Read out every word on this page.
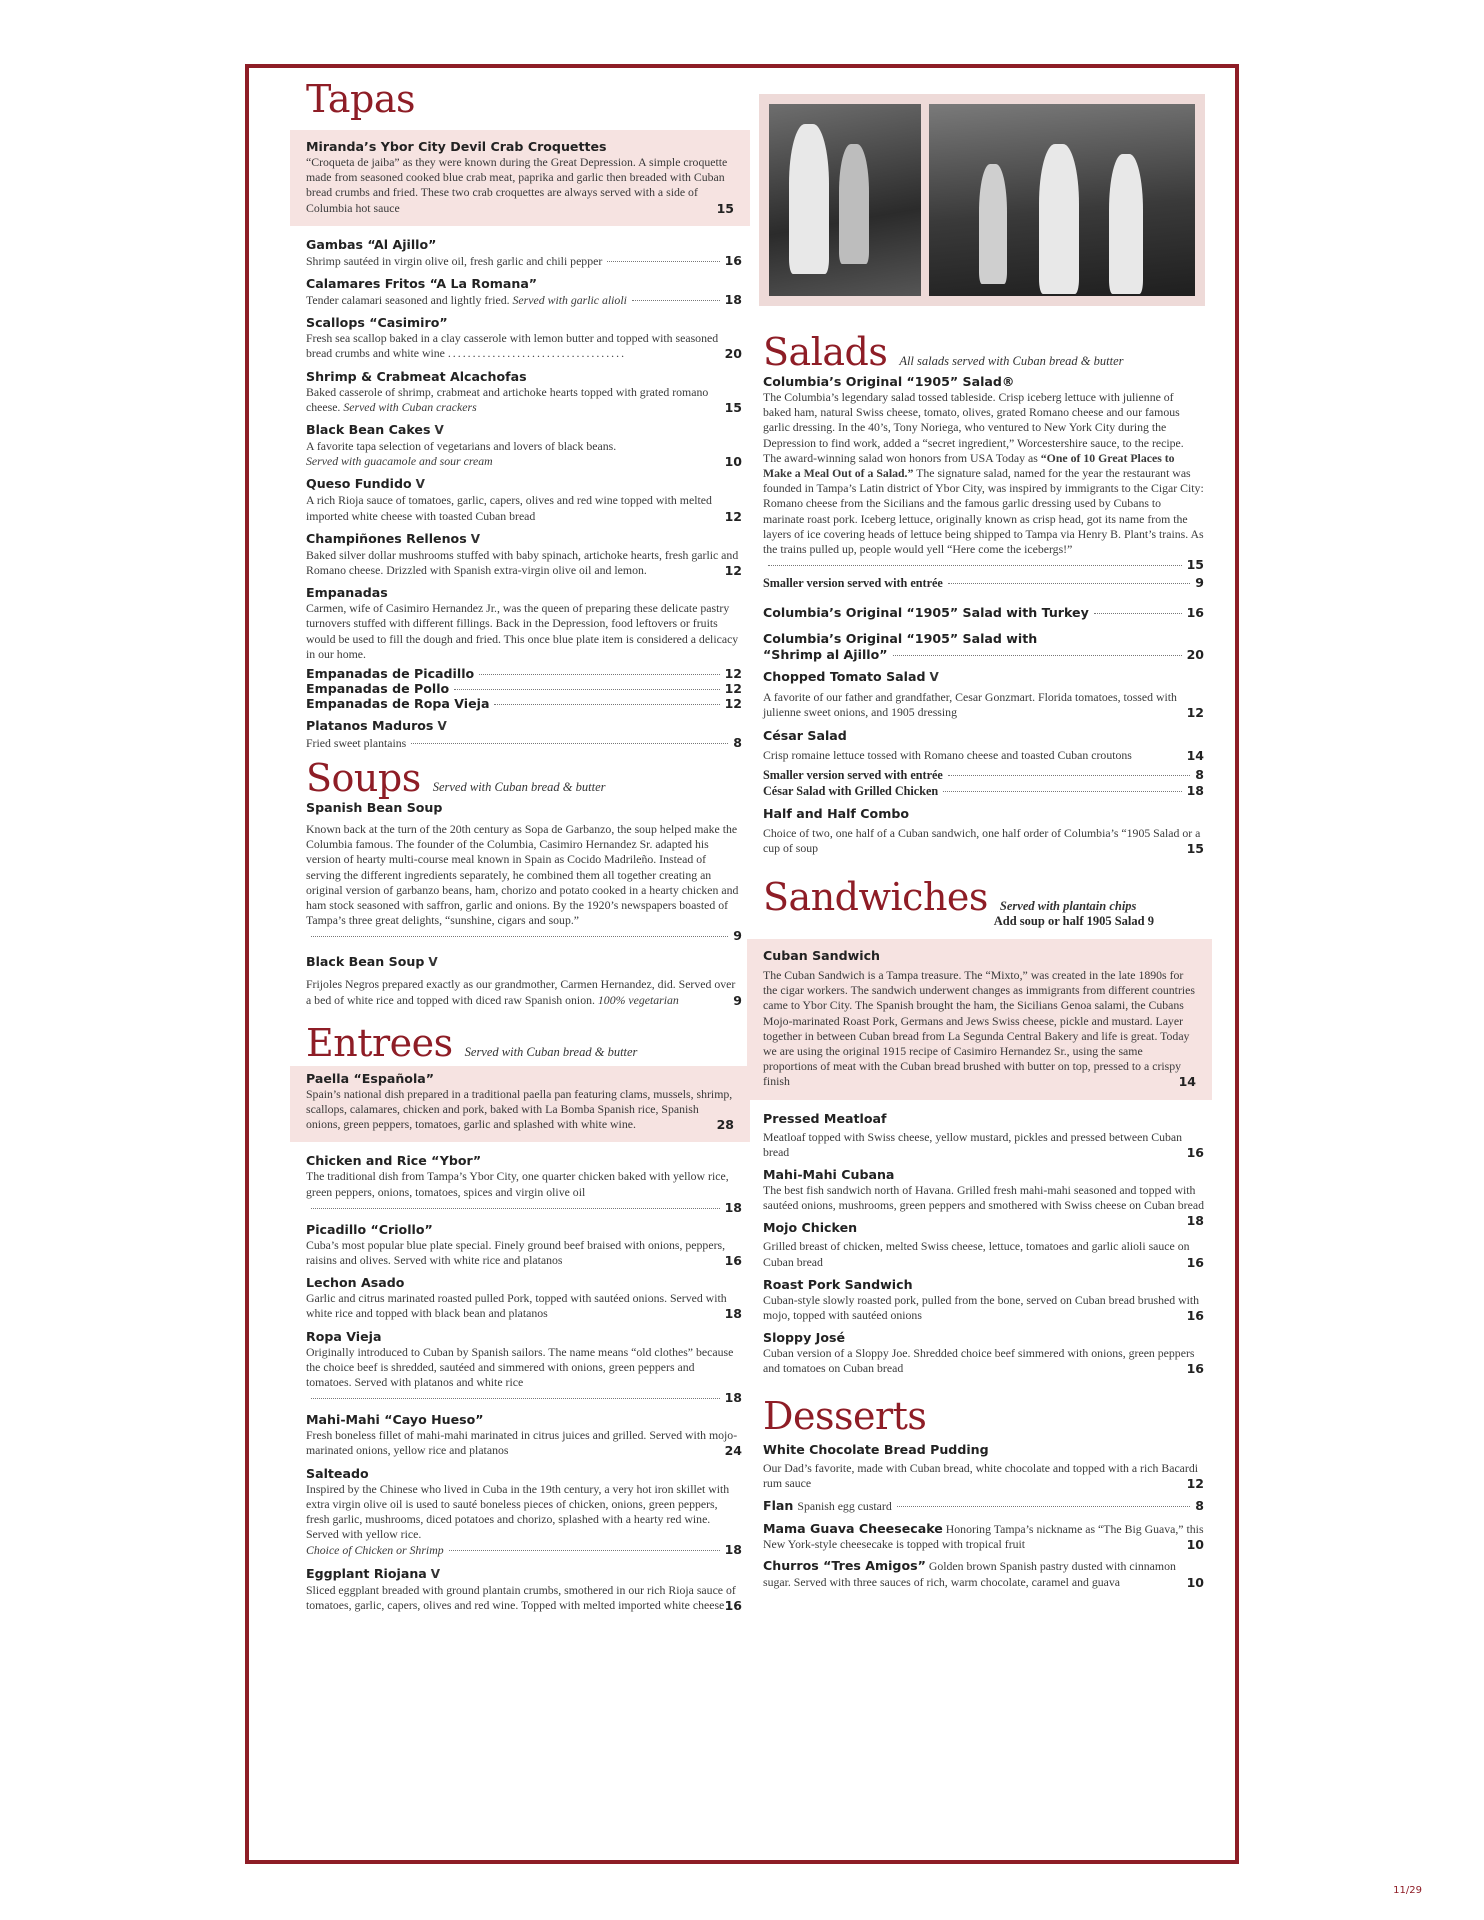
Tapas
Miranda’s Ybor City Devil Crab Croquettes
“Croqueta de jaiba” as they were known during the Great Depression. A simple croquette made from seasoned cooked blue crab meat, paprika and garlic then breaded with Cuban bread crumbs and fried. These two crab croquettes are always served with a side of Columbia hot sauce	15
Gambas “Al Ajillo”
Shrimp sautéed in virgin olive oil, fresh garlic and chili pepper	16
Calamares Fritos “A La Romana”
Tender calamari seasoned and lightly fried. Served with garlic alioli	18
Scallops “Casimiro”
Fresh sea scallop baked in a clay casserole with lemon butter and topped with seasoned bread crumbs and white wine ....................................	20
Shrimp & Crabmeat Alcachofas
Baked casserole of shrimp, crabmeat and artichoke hearts topped with grated romano cheese. Served with Cuban crackers	15
Black Bean Cakes V
A favorite tapa selection of vegetarians and lovers of black beans.
Served with guacamole and sour cream	10
Queso Fundido V
A rich Rioja sauce of tomatoes, garlic, capers, olives and red wine topped with melted imported white cheese with toasted Cuban bread	12
Champiñones Rellenos V
Baked silver dollar mushrooms stuffed with baby spinach, artichoke hearts, fresh garlic and Romano cheese. Drizzled with Spanish extra-virgin olive oil and lemon.	12
Empanadas
Carmen, wife of Casimiro Hernandez Jr., was the queen of preparing these delicate pastry turnovers stuffed with different fillings. Back in the Depression, food leftovers or fruits would be used to fill the dough and fried. This once blue plate item is considered a delicacy in our home.
Empanadas de Picadillo	12
Empanadas de Pollo	12
Empanadas de Ropa Vieja	12
Platanos Maduros V
Fried sweet plantains	8
Soups Served with Cuban bread & butter
Spanish Bean Soup
Known back at the turn of the 20th century as Sopa de Garbanzo, the soup helped make the Columbia famous. The founder of the Columbia, Casimiro Hernandez Sr. adapted his version of hearty multi-course meal known in Spain as Cocido Madrileño. Instead of serving the different ingredients separately, he combined them all together creating an original version of garbanzo beans, ham, chorizo and potato cooked in a hearty chicken and ham stock seasoned with saffron, garlic and onions. By the 1920’s newspapers boasted of Tampa’s three great delights, “sunshine, cigars and soup.”
9
Black Bean Soup V
Frijoles Negros prepared exactly as our grandmother, Carmen Hernandez, did. Served over a bed of white rice and topped with diced raw Spanish onion. 100% vegetarian	9
Entrees Served with Cuban bread & butter
Paella “Española”
Spain’s national dish prepared in a traditional paella pan featuring clams, mussels, shrimp, scallops, calamares, chicken and pork, baked with La Bomba Spanish rice, Spanish onions, green peppers, tomatoes, garlic and splashed with white wine.	28
Chicken and Rice “Ybor”
The traditional dish from Tampa’s Ybor City, one quarter chicken baked with yellow rice, green peppers, onions, tomatoes, spices and virgin olive oil
18
Picadillo “Criollo”
Cuba’s most popular blue plate special. Finely ground beef braised with onions, peppers, raisins and olives. Served with white rice and platanos	16
Lechon Asado
Garlic and citrus marinated roasted pulled Pork, topped with sautéed onions. Served with white rice and topped with black bean and platanos	18
Ropa Vieja
Originally introduced to Cuban by Spanish sailors. The name means “old clothes” because the choice beef is shredded, sautéed and simmered with onions, green peppers and tomatoes. Served with platanos and white rice
18
Mahi-Mahi “Cayo Hueso”
Fresh boneless fillet of mahi-mahi marinated in citrus juices and grilled. Served with mojo-marinated onions, yellow rice and platanos	24
Salteado
Inspired by the Chinese who lived in Cuba in the 19th century, a very hot iron skillet with extra virgin olive oil is used to sauté boneless pieces of chicken, onions, green peppers, fresh garlic, mushrooms, diced potatoes and chorizo, splashed with a hearty red wine. Served with yellow rice.
Choice of Chicken or Shrimp	18
Eggplant Riojana V
Sliced eggplant breaded with ground plantain crumbs, smothered in our rich Rioja sauce of tomatoes, garlic, capers, olives and red wine. Topped with melted imported white cheese 16
Salads All salads served with Cuban bread & butter
Columbia’s Original “1905” Salad®
The Columbia’s legendary salad tossed tableside. Crisp iceberg lettuce with julienne of baked ham, natural Swiss cheese, tomato, olives, grated Romano cheese and our famous garlic dressing. In the 40’s, Tony Noriega, who ventured to New York City during the Depression to find work, added a “secret ingredient,” Worcestershire sauce, to the recipe. The award-winning salad won honors from USA Today as “One of 10 Great Places to Make a Meal Out of a Salad.” The signature salad, named for the year the restaurant was founded in Tampa’s Latin district of Ybor City, was inspired by immigrants to the Cigar City: Romano cheese from the Sicilians and the famous garlic dressing used by Cubans to marinate roast pork. Iceberg lettuce, originally known as crisp head, got its name from the layers of ice covering heads of lettuce being shipped to Tampa via Henry B. Plant’s trains. As the trains pulled up, people would yell “Here come the icebergs!”
15
Smaller version served with entrée	9
Columbia’s Original “1905” Salad with Turkey	16
Columbia’s Original “1905” Salad with
“Shrimp al Ajillo”	20
Chopped Tomato Salad V
A favorite of our father and grandfather, Cesar Gonzmart. Florida tomatoes, tossed with julienne sweet onions, and 1905 dressing	12
César Salad
Crisp romaine lettuce tossed with Romano cheese and toasted Cuban croutons	14
Smaller version served with entrée	8
César Salad with Grilled Chicken	18
Half and Half Combo
Choice of two, one half of a Cuban sandwich, one half order of Columbia’s “1905 Salad or a cup of soup	15
Sandwiches Served with plantain chips
Add soup or half 1905 Salad 9
Cuban Sandwich
The Cuban Sandwich is a Tampa treasure. The “Mixto,” was created in the late 1890s for the cigar workers. The sandwich underwent changes as immigrants from different countries came to Ybor City. The Spanish brought the ham, the Sicilians Genoa salami, the Cubans Mojo-marinated Roast Pork, Germans and Jews Swiss cheese, pickle and mustard. Layer together in between Cuban bread from La Segunda Central Bakery and life is great. Today we are using the original 1915 recipe of Casimiro Hernandez Sr., using the same proportions of meat with the Cuban bread brushed with butter on top, pressed to a crispy finish	14
Pressed Meatloaf
Meatloaf topped with Swiss cheese, yellow mustard, pickles and pressed between Cuban bread	16
Mahi-Mahi Cubana
The best fish sandwich north of Havana. Grilled fresh mahi-mahi seasoned and topped with sautéed onions, mushrooms, green peppers and smothered with Swiss cheese on Cuban bread
18
Mojo Chicken
Grilled breast of chicken, melted Swiss cheese, lettuce, tomatoes and garlic alioli sauce on Cuban bread	16
Roast Pork Sandwich
Cuban-style slowly roasted pork, pulled from the bone, served on Cuban bread brushed with mojo, topped with sautéed onions	16
Sloppy José
Cuban version of a Sloppy Joe. Shredded choice beef simmered with onions, green peppers and tomatoes on Cuban bread	16
Desserts
White Chocolate Bread Pudding
Our Dad’s favorite, made with Cuban bread, white chocolate and topped with a rich Bacardi rum sauce	12
Flan Spanish egg custard	8
Mama Guava Cheesecake Honoring Tampa’s nickname as “The Big Guava,” this New York-style cheesecake is topped with tropical fruit	10
Churros “Tres Amigos” Golden brown Spanish pastry dusted with cinnamon sugar. Served with three sauces of rich, warm chocolate, caramel and guava	10
11/29
